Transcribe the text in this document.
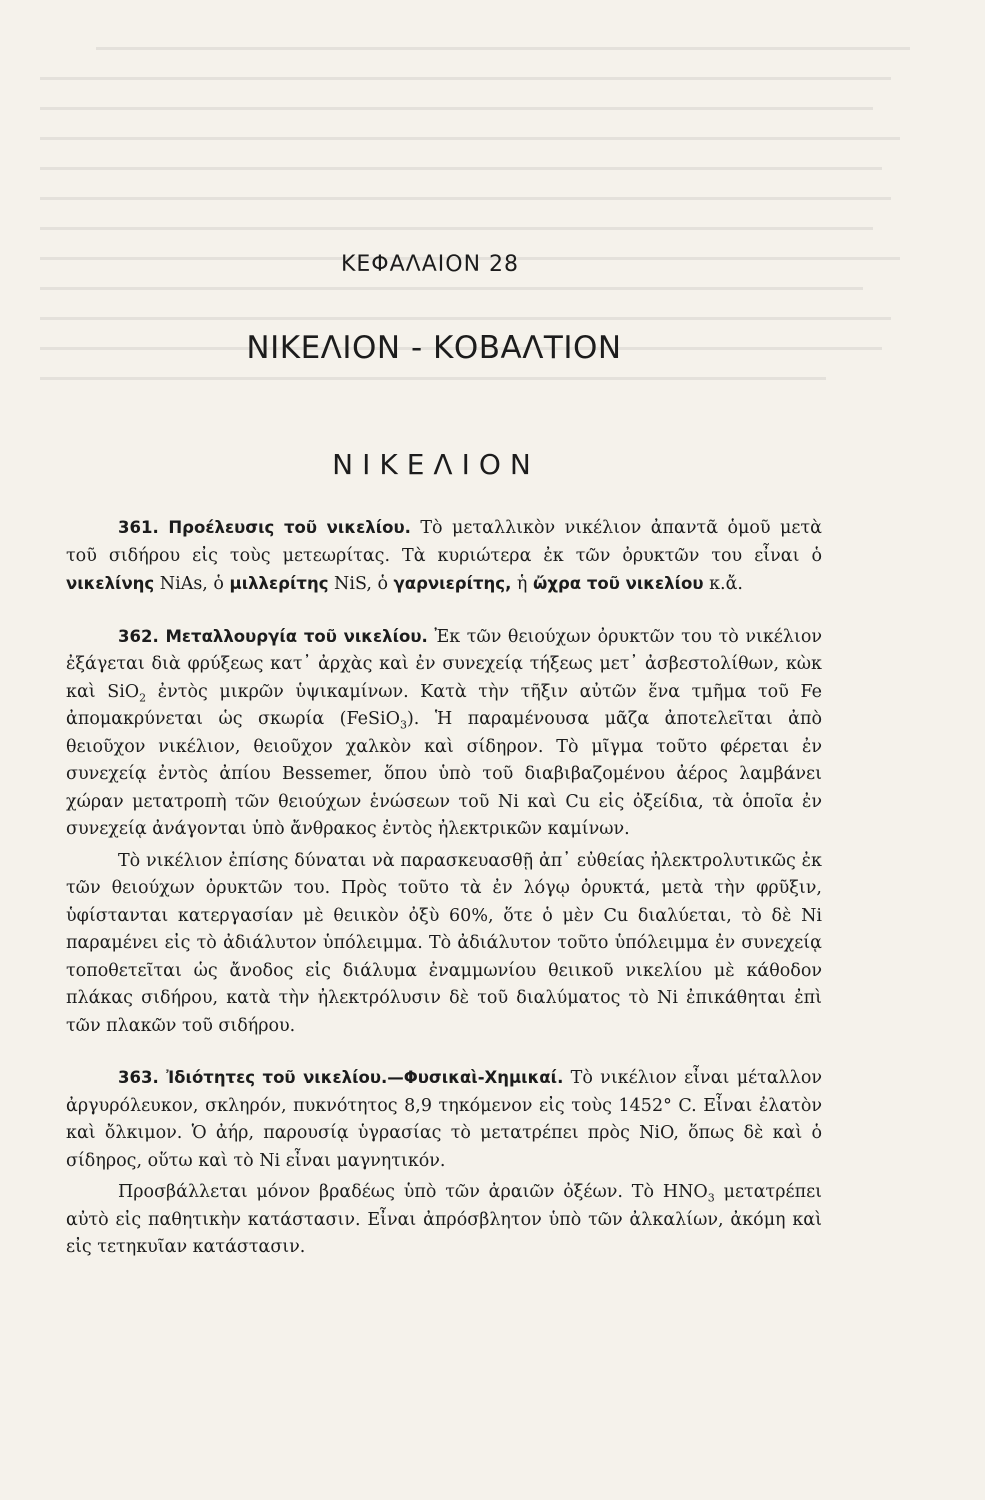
ΚΕΦΑΛΑΙΟΝ 28
ΝΙΚΕΛΙΟΝ - ΚΟΒΑΛΤΙΟΝ
ΝΙΚΕΛΙΟΝ

361. Προέλευσις τοῦ νικελίου. Τὸ μεταλλικὸν νικέλιον ἀπαντᾶ ὁμοῦ μετὰ τοῦ σιδήρου εἰς τοὺς μετεωρίτας. Τὰ κυριώτερα ἐκ τῶν ὀρυκτῶν του εἶναι ὁ νικελίνης NiAs, ὁ μιλλερίτης NiS, ὁ γαρνιερίτης, ἡ ὤχρα τοῦ νικελίου κ.ἄ.

362. Μεταλλουργία τοῦ νικελίου. Ἐκ τῶν θειούχων ὀρυκτῶν του τὸ νικέλιον ἐξάγεται διὰ φρύξεως κατ᾽ ἀρχὰς καὶ ἐν συνεχείᾳ τήξεως μετ᾽ ἀσβεστολίθων, κὼκ καὶ SiO$_2$ ἐντὸς μικρῶν ὑψικαμίνων. Κατὰ τὴν τῆξιν αὐτῶν ἕνα τμῆμα τοῦ Fe ἀπομακρύνεται ὡς σκωρία (FeSiO$_3$). Ἡ παραμένουσα μᾶζα ἀποτελεῖται ἀπὸ θειοῦχον νικέλιον, θειοῦχον χαλκὸν καὶ σίδηρον. Τὸ μῖγμα τοῦτο φέρεται ἐν συνεχείᾳ ἐντὸς ἀπίου Bessemer, ὅπου ὑπὸ τοῦ διαβιβαζομένου ἀέρος λαμβάνει χώραν μετατροπὴ τῶν θειούχων ἑνώσεων τοῦ Ni καὶ Cu εἰς ὀξείδια, τὰ ὁποῖα ἐν συνεχείᾳ ἀνάγονται ὑπὸ ἄνθρακος ἐντὸς ἠλεκτρικῶν καμίνων.

Τὸ νικέλιον ἐπίσης δύναται νὰ παρασκευασθῇ ἀπ᾽ εὐθείας ἠλεκτρολυτικῶς ἐκ τῶν θειούχων ὀρυκτῶν του. Πρὸς τοῦτο τὰ ἐν λόγῳ ὀρυκτά, μετὰ τὴν φρῦξιν, ὑφίστανται κατεργασίαν μὲ θειικὸν ὀξὺ 60%, ὅτε ὁ μὲν Cu διαλύεται, τὸ δὲ Ni παραμένει εἰς τὸ ἀδιάλυτον ὑπόλειμμα. Τὸ ἀδιάλυτον τοῦτο ὑπόλειμμα ἐν συνεχείᾳ τοποθετεῖται ὡς ἄνοδος εἰς διάλυμα ἐναμμωνίου θειικοῦ νικελίου μὲ κάθοδον πλάκας σιδήρου, κατὰ τὴν ἠλεκτρόλυσιν δὲ τοῦ διαλύματος τὸ Ni ἐπικάθηται ἐπὶ τῶν πλακῶν τοῦ σιδήρου.

363. Ἰδιότητες τοῦ νικελίου.—Φυσικαὶ-Χημικαί. Τὸ νικέλιον εἶναι μέταλλον ἀργυρόλευκον, σκληρόν, πυκνότητος 8,9 τηκόμενον εἰς τοὺς 1452° C. Εἶναι ἐλατὸν καὶ ὄλκιμον. Ὁ ἀήρ, παρουσίᾳ ὑγρασίας τὸ μετατρέπει πρὸς NiO, ὅπως δὲ καὶ ὁ σίδηρος, οὕτω καὶ τὸ Ni εἶναι μαγνητικόν.

Προσβάλλεται μόνον βραδέως ὑπὸ τῶν ἀραιῶν ὀξέων. Τὸ $HNO_3$ μετατρέπει αὐτὸ εἰς παθητικὴν κατάστασιν. Εἶναι ἀπρόσβλητον ὑπὸ τῶν ἀλκαλίων, ἀκόμη καὶ εἰς τετηκυῖαν κατάστασιν.
